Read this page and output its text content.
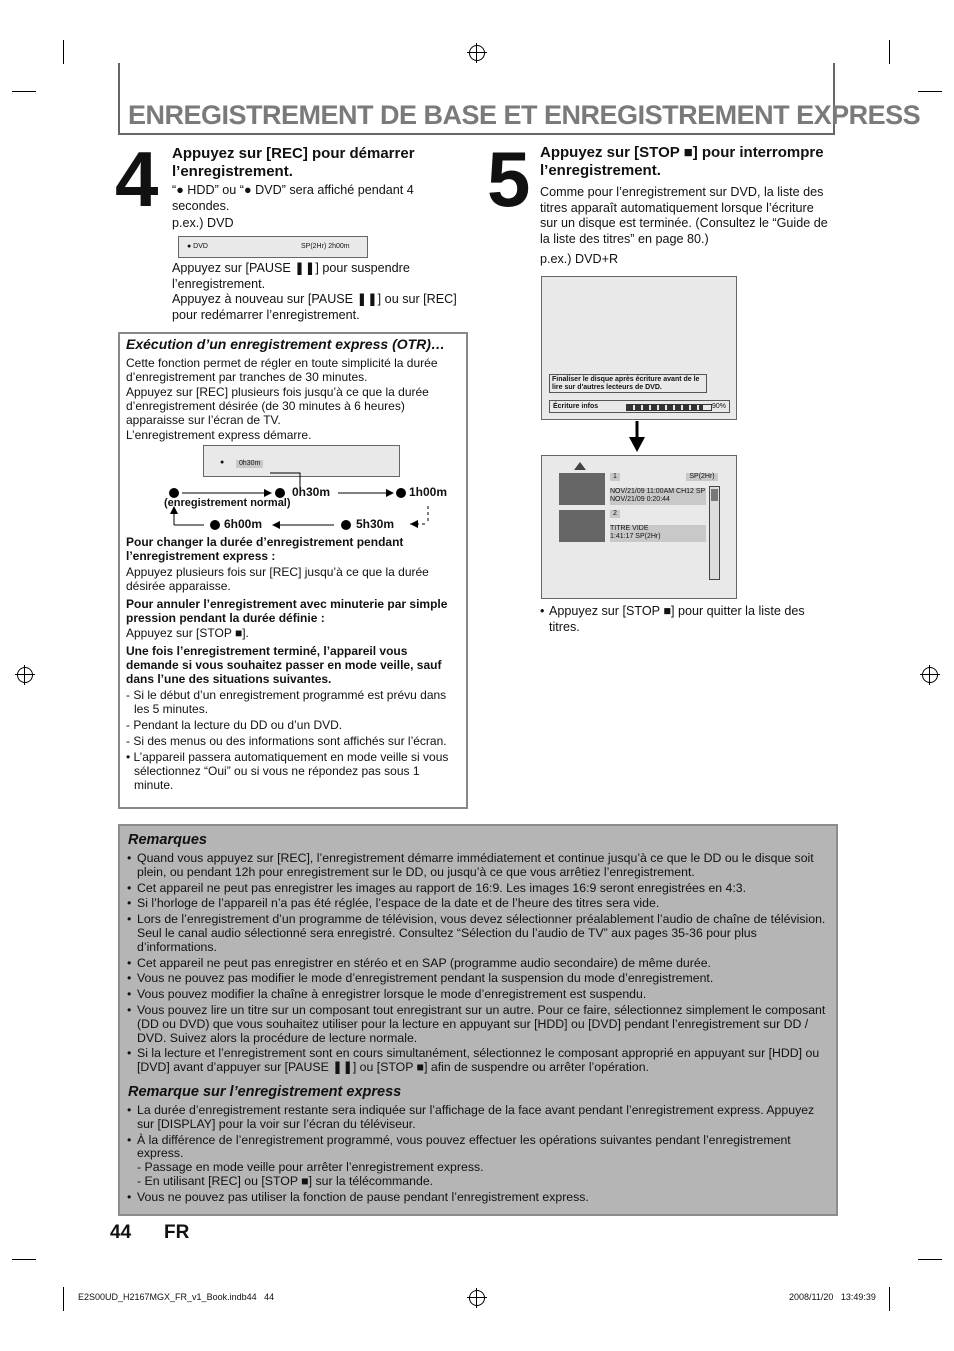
ENREGISTREMENT DE BASE ET ENREGISTREMENT EXPRESS
4 Appuyez sur [REC] pour démarrer l’enregistrement.
“● HDD” ou “● DVD” sera affiché pendant 4 secondes.
p.ex.) DVD
● DVD	SP(2Hr) 2h00m
Appuyez sur [PAUSE ❚❚] pour suspendre l’enregistrement.
Appuyez à nouveau sur [PAUSE ❚❚] ou sur [REC] pour redémarrer l’enregistrement.
5 Appuyez sur [STOP ■] pour interrompre l’enregistrement.
Comme pour l’enregistrement sur DVD, la liste des titres apparaît automatiquement lorsque l’écriture sur un disque est terminée. (Consultez le “Guide de la liste des titres” en page 80.)
p.ex.) DVD+R
Finaliser le disque après écriture avant de le lire sur d'autres lecteurs de DVD.
Écriture infos	90%
1	SP(2Hr)
NOV/21/09 11:00AM CH12 SP
NOV/21/09 0:20:44
2
TITRE VIDE
1:41:17 SP(2Hr)
• Appuyez sur [STOP ■] pour quitter la liste des titres.
Exécution d’un enregistrement express (OTR)…
Cette fonction permet de régler en toute simplicité la durée d’enregistrement par tranches de 30 minutes.
Appuyez sur [REC] plusieurs fois jusqu’à ce que la durée d’enregistrement désirée (de 30 minutes à 6 heures) apparaisse sur l’écran de TV.
L’enregistrement express démarre.
●	0h30m
0h30m	1h00m
(enregistrement normal)
5h30m
6h00m
Pour changer la durée d’enregistrement pendant l’enregistrement express :
Appuyez plusieurs fois sur [REC] jusqu’à ce que la durée désirée apparaisse.
Pour annuler l’enregistrement avec minuterie par simple pression pendant la durée définie :
Appuyez sur [STOP ■].
Une fois l’enregistrement terminé, l’appareil vous demande si vous souhaitez passer en mode veille, sauf dans l’une des situations suivantes.
- Si le début d’un enregistrement programmé est prévu dans les 5 minutes.
- Pendant la lecture du DD ou d’un DVD.
- Si des menus ou des informations sont affichés sur l’écran.
• L’appareil passera automatiquement en mode veille si vous sélectionnez “Oui” ou si vous ne répondez pas sous 1 minute.
Remarques
• Quand vous appuyez sur [REC], l’enregistrement démarre immédiatement et continue jusqu’à ce que le DD ou le disque soit plein, ou pendant 12h pour enregistrement sur le DD, ou jusqu’à ce que vous arrêtiez l’enregistrement.
• Cet appareil ne peut pas enregistrer les images au rapport de 16:9. Les images 16:9 seront enregistrées en 4:3.
• Si l’horloge de l’appareil n’a pas été réglée, l’espace de la date et de l’heure des titres sera vide.
• Lors de l’enregistrement d’un programme de télévision, vous devez sélectionner préalablement l’audio de chaîne de télévision. Seul le canal audio sélectionné sera enregistré. Consultez “Sélection du l’audio de TV” aux pages 35-36 pour plus d’informations.
• Cet appareil ne peut pas enregistrer en stéréo et en SAP (programme audio secondaire) de même durée.
• Vous ne pouvez pas modifier le mode d’enregistrement pendant la suspension du mode d’enregistrement.
• Vous pouvez modifier la chaîne à enregistrer lorsque le mode d’enregistrement est suspendu.
• Vous pouvez lire un titre sur un composant tout enregistrant sur un autre. Pour ce faire, sélectionnez simplement le composant (DD ou DVD) que vous souhaitez utiliser pour la lecture en appuyant sur [HDD] ou [DVD] pendant l’enregistrement sur DD / DVD. Suivez alors la procédure de lecture normale.
• Si la lecture et l’enregistrement sont en cours simultanément, sélectionnez le composant approprié en appuyant sur [HDD] ou [DVD] avant d’appuyer sur [PAUSE ❚❚] ou [STOP ■] afin de suspendre ou arrêter l’opération.
Remarque sur l’enregistrement express
• La durée d’enregistrement restante sera indiquée sur l’affichage de la face avant pendant l’enregistrement express. Appuyez sur [DISPLAY] pour la voir sur l’écran du téléviseur.
• À la différence de l’enregistrement programmé, vous pouvez effectuer les opérations suivantes pendant l’enregistrement express.
- Passage en mode veille pour arrêter l’enregistrement express.
- En utilisant [REC] ou [STOP ■] sur la télécommande.
• Vous ne pouvez pas utiliser la fonction de pause pendant l’enregistrement express.
44 FR
E2S00UD_H2167MGX_FR_v1_Book.indb44   44	2008/11/20   13:49:39
